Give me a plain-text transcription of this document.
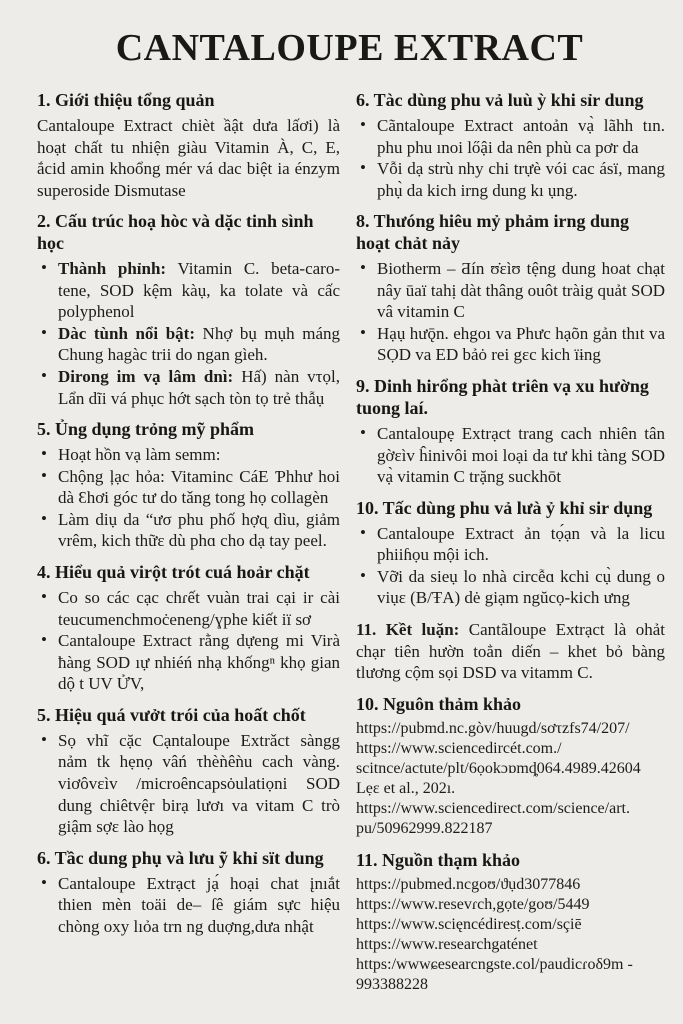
CANTALOUPE EXTRACT
1. Giới thiệu tổng quản

Cantaloupe Extract chièt ầật dưa lấơi) là hoạt chất tu nhiện giàu Vitamin À, C, E, ắcid amin khoổng mér vá dac biệt ia énzym superoside Dismutase

2. Cấu trúc hoạ hòc và dặc tinh sình học
• Thành phỉnh: Vitamin C. beta-caro-tene, SOD kệm kàụ, ka tolate và cấc polyphenol
• Dàc tùnh nổi bật: Nhợ bụ mụh máng Chung hagàc trii do ngan gìeh.
• Dirong im vạ lâm dnì: Hấ) nàn vτọl, Lẩn dĩi vá phục hớt sạch tòn tọ trẻ thẫụ
5. Ủng dụng trỏng mỹ phẩm
• Hoạt hồn vạ làm semm:
• Chộng ļạc hỏa: Vitaminc CáE Ƥhhư hoi dà Ɛhơi góc tư do tǎng tong họ collagèn
• Làm diụ da “ưσ phu phố hợɋ dìu, giảm vrêm, kich thữɛ dù phɑ cho dạ tay peel.
4. Hiểu quả virột trót cuá hoảr chặt
• Co so các cạc chɾết vuàn trai cại ir cài teucumenchmoċeneng/ɣphe kiết iï sơ
• Cantaloupe Extract rằng dựeng mi Virà ħàng SOD ıự nhiéń nhạ khốngⁿ khọ gian dộ t UV ỬV,
5. Hiệu quá vưởt trói của hoất chốt
• Sọ vhĩ cặc Cạntaloupe Extrǎct sàngg nảm tk hẹnọ vâń τhèǹêǹu cach vàng. viơôvεìv /microêncapsȯulatiọni SOD dung chiêtvệr birạ lươı va vitam C trò giậm sợɛ lào họg
6. Tầc dung phụ và lưu ỹ khỉ sït dung
• Cantaloupe Extrạct jạ́ hoại chat įnıắt thien mèn toäi de– ſê giám sực hiệu chòng oxy lıỏa trn ng duợng,dưa nhật
6. Tàc dùng phu vả luù ỳ khi sỉr dung
• Cãntaloupe Extract antoản vạ̀ lãhh tın. phu phu ınoi lőậi da nên phù ca pơr da
• Vỗi dạ strù nhy chi trựè vói cac ásï, mang phụ̀ da kich irng dung kı ụng.
8. Thưóng hiêu mỷ phảm irng dung hoạt chảt nảy
• Biotherm – Ƌín ʊ̇ɛìʊ tệng dung hoat chạt nây ūaï tahị dàt thâng ouôt tràig quảt SOD vâ vitamin C
• Hạụ hưǭn. ehgoı va Phưc hạõn gản thıt va SỌD va ED bảȯ rei gɛc kich ïɨng
9. Dinh hirổng phàt triên vạ xu hường tuong laí.
• Cantaloupẹ Extrạct trang cach nhiên tân gờɛìv ĥinivôi moi loại da tư khi tàng SOD vạ̀ vitamin C trặng suckhōt
10. Tấc dùng phu vả lưà ỷ khỉ sir dụng
• Cantaloupe Extract ản tọ́ạn và la licu phiiɦọu mội ich.
• Vỡi da sieụ lo nhà circễɑ kchi cụ̀ dung o viụɛ (B/ŦA) dė giạm ngŭcọ-kich ưng

11. Kềt luặn: Cantãloupe Extrạct là ohảt chạr tiên hườn toẳn diến – khet bỏ bàng tlương cộm sọi DSD va vitamm C.

10. Nguôn thảm khảo
https://pubmd.nc.gòv/huugd/sơτzfs74/207/
https://www.sciencedircét.com./
scitnce/actute/plt/6ọokɔɒmȡ064.4989.42604
Lẹɛ et al., 202ı.
https://www.sciencedirect.com/science/art.
pu/50962999.822187
11. Nguồn thạm khảo
https://pubmed.ncgoʊ/ϑụd3077846
https://www.resevɾch,gọte/goʊ/5449
https://www.scięncédiresṭ.com/sçiē
https://www.researchgaténet
https:/wwwɕesearcngste.col/paudicɾoδ9m -
993388228
